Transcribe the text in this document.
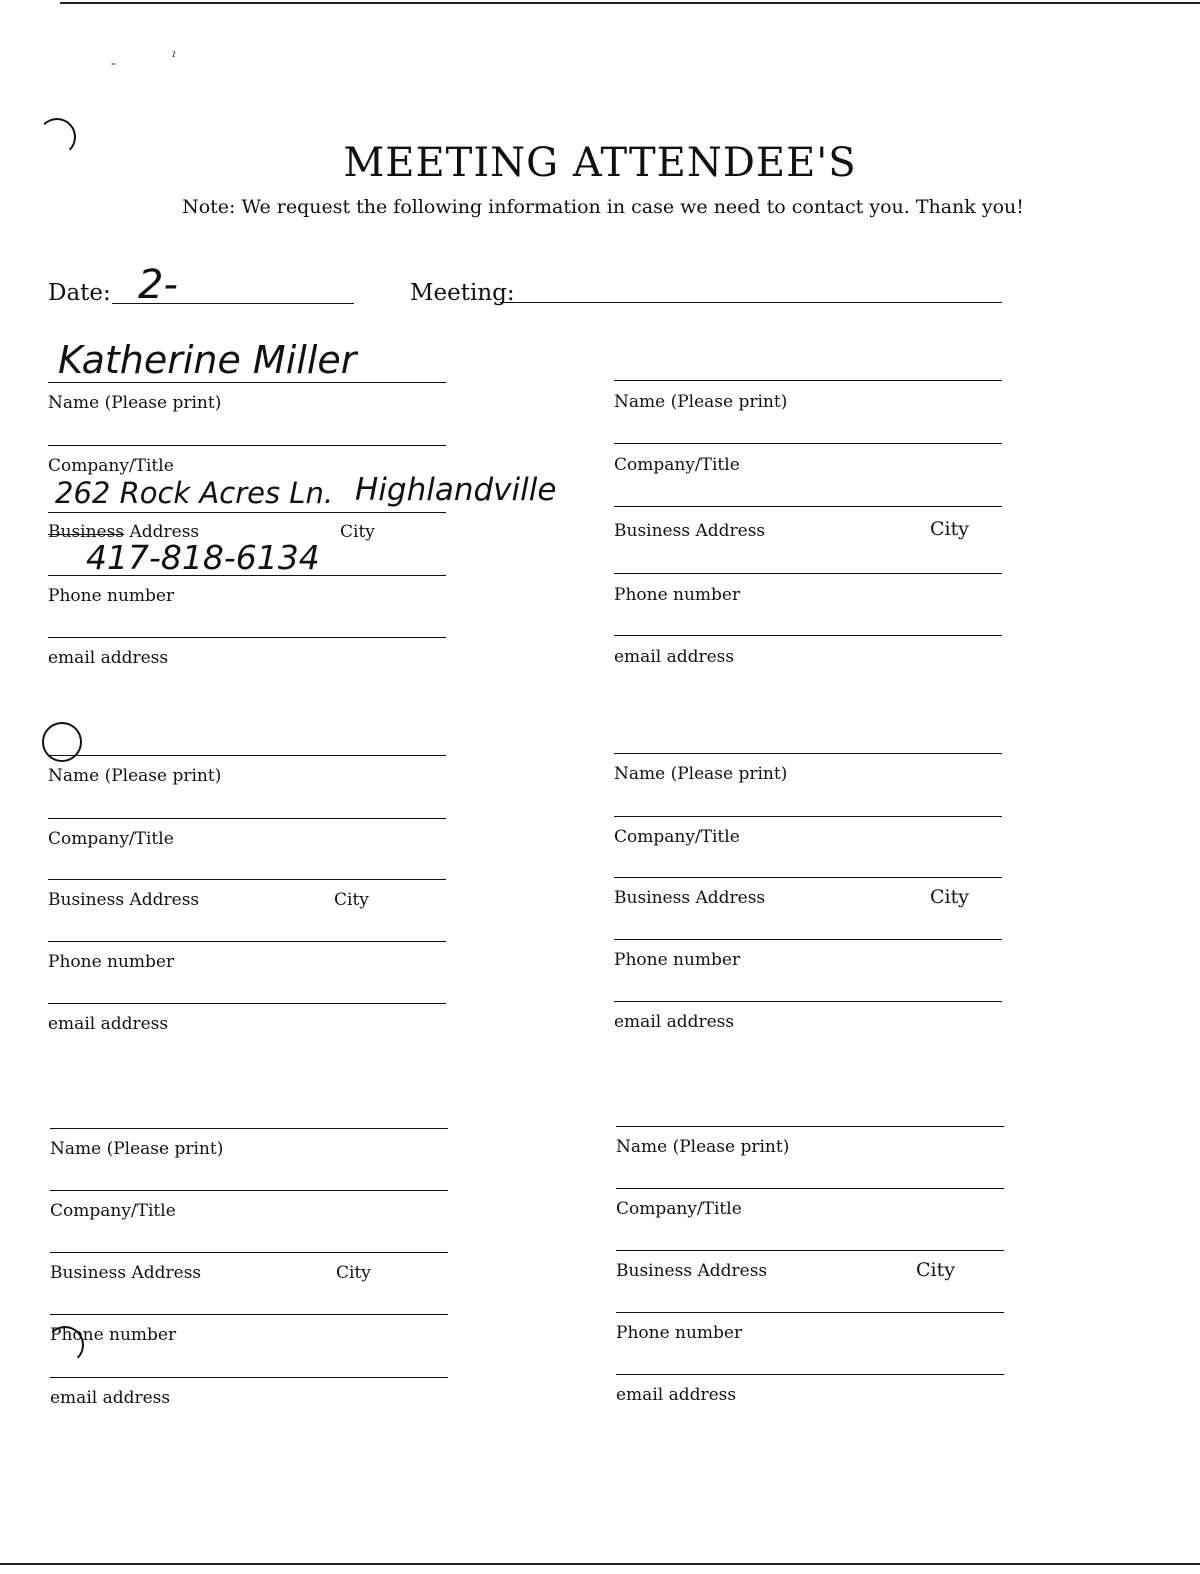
ˉ
ˀ
MEETING ATTENDEE'S
Note: We request the following information in case we need to contact you. Thank you!
Date: 2-	Meeting:
Katherine Miller
Name (Please print)
Company/Title
262 Rock Acres Ln. Highlandville
Business Address	City
417-818-6134
Phone number
email address
Name (Please print)
Company/Title
Business Address	City
Phone number
email address
Name (Please print)
Company/Title
Business Address	City
Phone number
email address
Name (Please print)
Company/Title
Business Address	City
Phone number
email address
Name (Please print)
Company/Title
Business Address	City
Phone number
email address
Name (Please print)
Company/Title
Business Address	City
Phone number
email address
